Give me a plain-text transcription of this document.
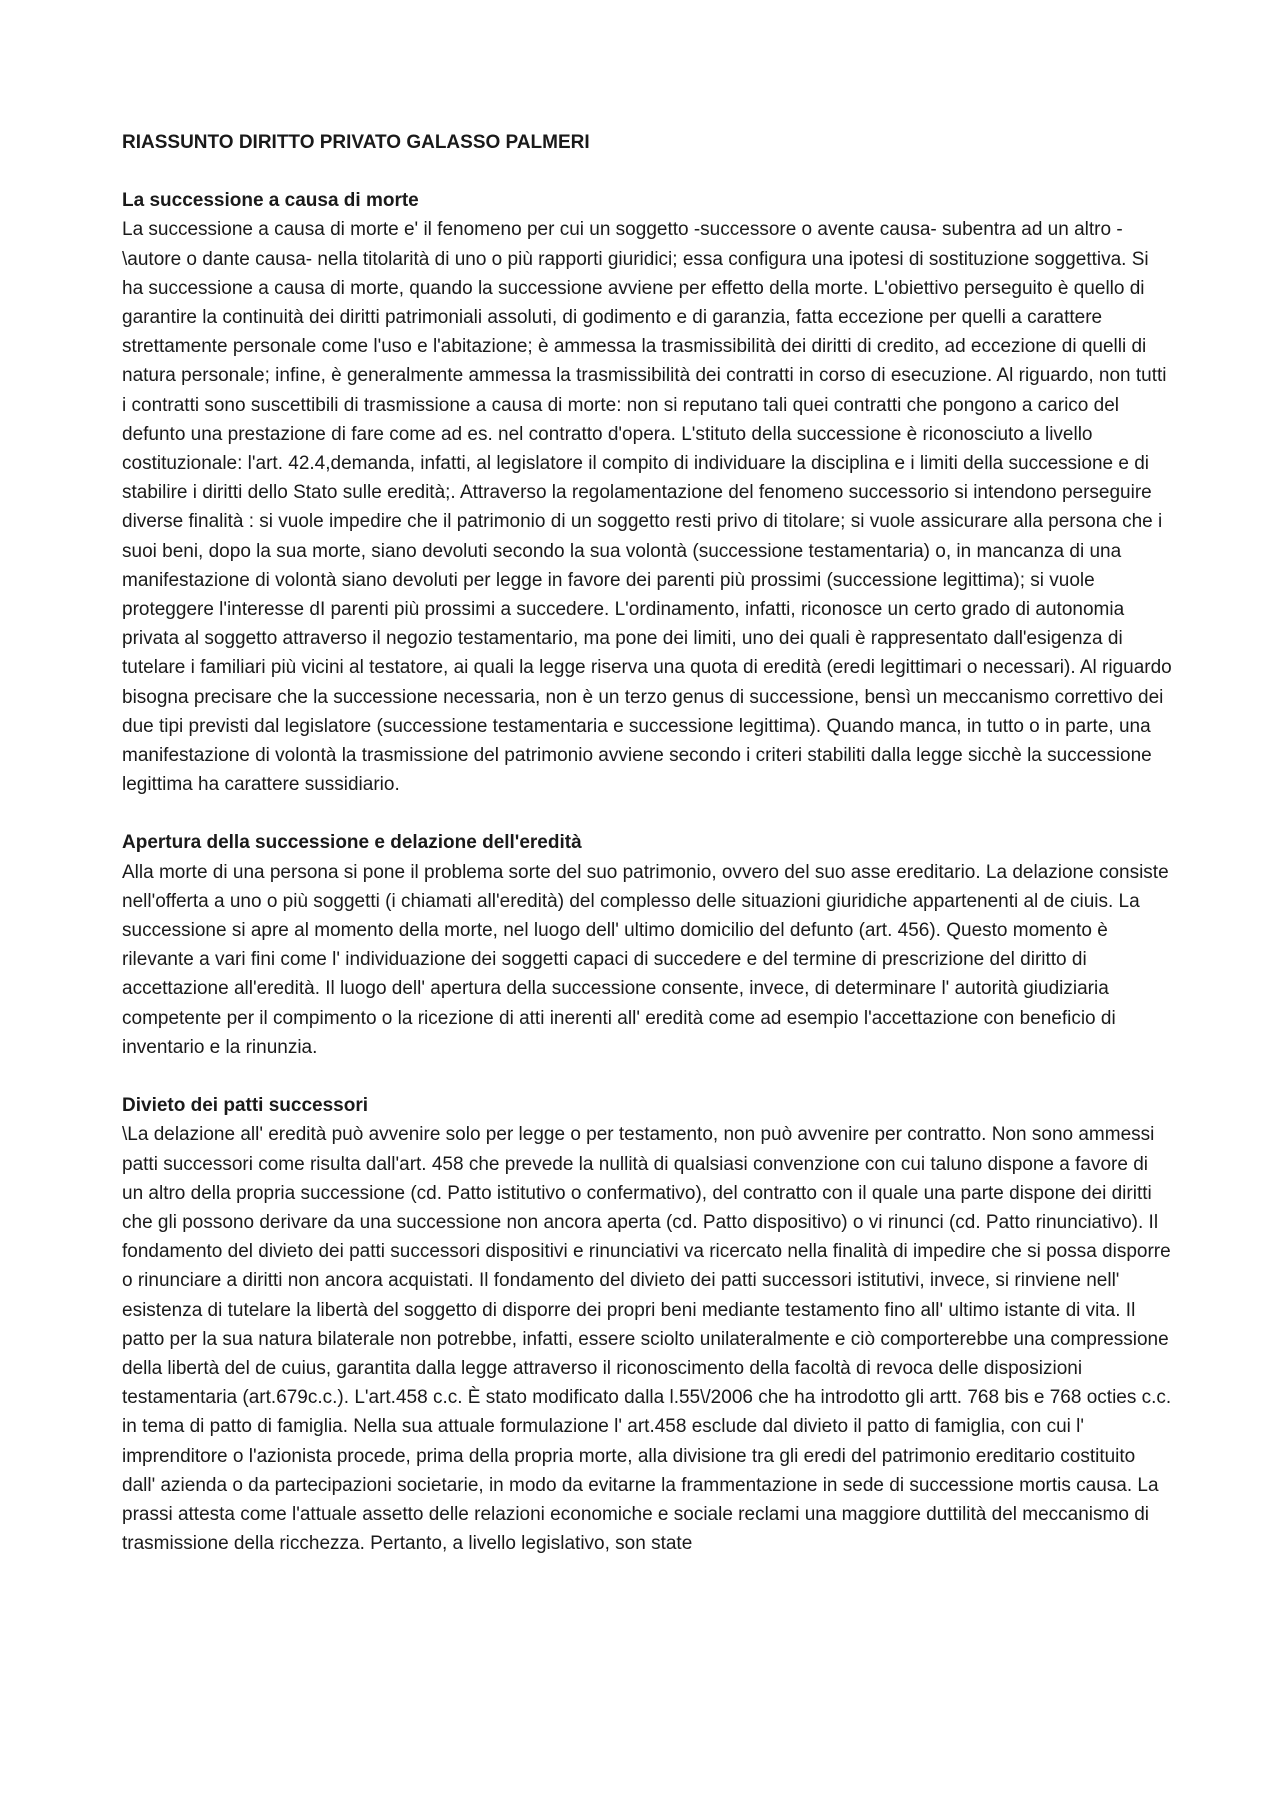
RIASSUNTO DIRITTO PRIVATO GALASSO PALMERI
La successione a causa di morte
La successione a causa di morte e' il fenomeno per cui un soggetto -successore o avente causa- subentra ad un altro -\autore o dante causa- nella titolarità di uno o più rapporti giuridici; essa configura una ipotesi di sostituzione soggettiva. Si ha successione a causa di morte, quando la successione avviene per effetto della morte. L'obiettivo perseguito è quello di garantire la continuità dei diritti patrimoniali assoluti, di godimento e di garanzia, fatta eccezione per quelli a carattere strettamente personale come l'uso e l'abitazione; è ammessa la trasmissibilità dei diritti di credito, ad eccezione di quelli di natura personale; infine, è generalmente ammessa la trasmissibilità dei contratti in corso di esecuzione. Al riguardo, non tutti i contratti sono suscettibili di trasmissione a causa di morte: non si reputano tali quei contratti che pongono a carico del defunto una prestazione di fare come ad es. nel contratto d'opera. L'stituto della successione è riconosciuto a livello costituzionale: l'art. 42.4,demanda, infatti, al legislatore il compito di individuare la disciplina e i limiti della successione e di stabilire i diritti dello Stato sulle eredità;. Attraverso la regolamentazione del fenomeno successorio si intendono perseguire diverse finalità : si vuole impedire che il patrimonio di un soggetto resti privo di titolare; si vuole assicurare alla persona che i suoi beni, dopo la sua morte, siano devoluti secondo la sua volontà (successione testamentaria) o, in mancanza di una manifestazione di volontà siano devoluti per legge in favore dei parenti più prossimi (successione legittima); si vuole proteggere l'interesse dI parenti più prossimi a succedere. L'ordinamento, infatti, riconosce un certo grado di autonomia privata al soggetto attraverso il negozio testamentario, ma pone dei limiti, uno dei quali è rappresentato dall'esigenza di tutelare i familiari più vicini al testatore, ai quali la legge riserva una quota di eredità (eredi legittimari o necessari). Al riguardo bisogna precisare che la successione necessaria, non è un terzo genus di successione, bensì un meccanismo correttivo dei due tipi previsti dal legislatore (successione testamentaria e successione legittima). Quando manca, in tutto o in parte, una manifestazione di volontà la trasmissione del patrimonio avviene secondo i criteri stabiliti dalla legge sicchè la successione legittima ha carattere sussidiario.
Apertura della successione e delazione dell'eredità
Alla morte di una persona si pone il problema sorte del suo patrimonio, ovvero del suo asse ereditario. La delazione consiste nell'offerta a uno o più soggetti (i chiamati all'eredità) del complesso delle situazioni giuridiche appartenenti al de ciuis. La successione si apre al momento della morte, nel luogo dell' ultimo domicilio del defunto (art. 456). Questo momento è rilevante a vari fini come l' individuazione dei soggetti capaci di succedere e del termine di prescrizione del diritto di accettazione all'eredità. Il luogo dell' apertura della successione consente, invece, di determinare l' autorità giudiziaria competente per il compimento o la ricezione di atti inerenti all' eredità come ad esempio l'accettazione con beneficio di inventario e la rinunzia.
Divieto dei patti successori
\La delazione all' eredità può avvenire solo per legge o per testamento, non può avvenire per contratto. Non sono ammessi patti successori come risulta dall'art. 458 che prevede la nullità di qualsiasi convenzione con cui taluno dispone a favore di un altro della propria successione (cd. Patto istitutivo o confermativo), del contratto con il quale una parte dispone dei diritti che gli possono derivare da una successione non ancora aperta (cd. Patto dispositivo) o vi rinunci (cd. Patto rinunciativo). Il fondamento del divieto dei patti successori dispositivi e rinunciativi va ricercato nella finalità di impedire che si possa disporre o rinunciare a diritti non ancora acquistati. Il fondamento del divieto dei patti successori istitutivi, invece, si rinviene nell' esistenza di tutelare la libertà del soggetto di disporre dei propri beni mediante testamento fino all' ultimo istante di vita. Il patto per la sua natura bilaterale non potrebbe, infatti, essere sciolto unilateralmente e ciò comporterebbe una compressione della libertà del de cuius, garantita dalla legge attraverso il riconoscimento della facoltà di revoca delle disposizioni testamentaria (art.679c.c.). L'art.458 c.c. È stato modificato dalla l.55\/2006 che ha introdotto gli artt. 768 bis e 768 octies c.c. in tema di patto di famiglia. Nella sua attuale formulazione l' art.458 esclude dal divieto il patto di famiglia, con cui l' imprenditore o l'azionista procede, prima della propria morte, alla divisione tra gli eredi del patrimonio ereditario costituito dall' azienda o da partecipazioni societarie, in modo da evitarne la frammentazione in sede di successione mortis causa. La prassi attesta come l'attuale assetto delle relazioni economiche e sociale reclami una maggiore duttilità del meccanismo di trasmissione della ricchezza. Pertanto, a livello legislativo, son state
